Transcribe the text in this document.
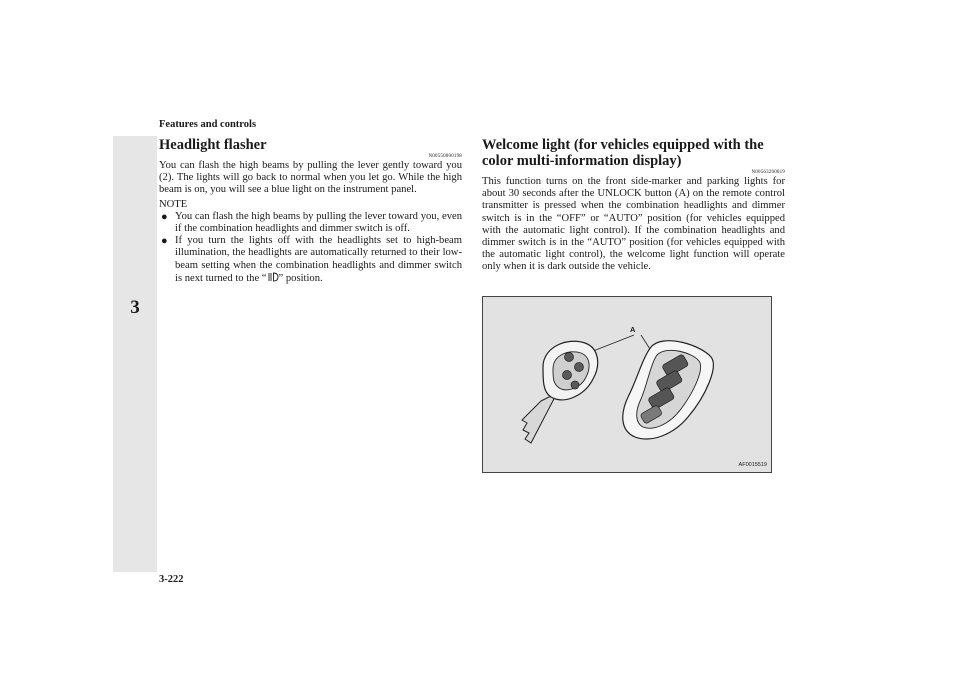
Features and controls
3
Headlight flasher
N00550000198

You can flash the high beams by pulling the lever gently toward you (2). The lights will go back to normal when you let go. While the high beam is on, you will see a blue light on the instrument panel.

NOTE
● You can flash the high beams by pulling the lever toward you, even if the combination headlights and dimmer switch is off.
● If you turn the lights off with the headlights set to high-beam illumination, the headlights are automatically returned to their low-beam setting when the combination headlights and dimmer switch is next turned to the “ ” position.
Welcome light (for vehicles equipped with the color multi-information display)
N00563200019

This function turns on the front side-marker and parking lights for about 30 seconds after the UNLOCK button (A) on the remote control transmitter is pressed when the combination headlights and dimmer switch is in the “OFF” or “AUTO” position (for vehicles equipped with the automatic light control). If the combination headlights and dimmer switch is in the “AUTO” position (for vehicles equipped with the automatic light control), the welcome light function will operate only when it is dark outside the vehicle.

A
AF0015519
3-222
